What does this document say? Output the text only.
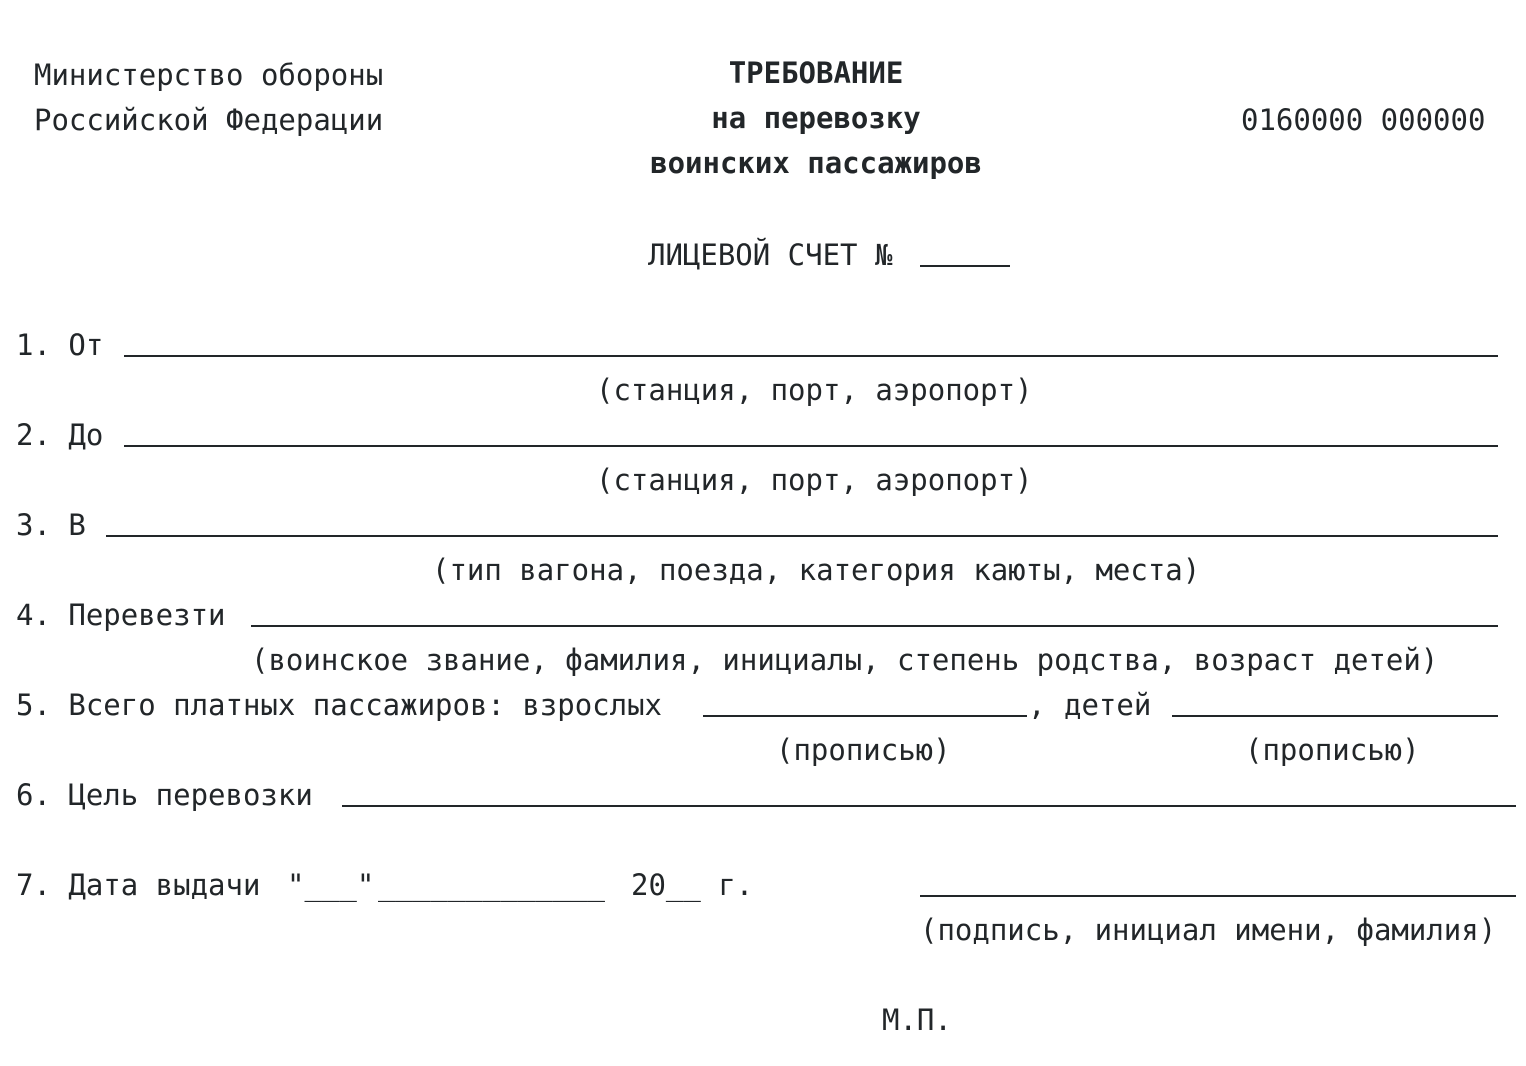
Министерство обороны
Российской Федерации
ТРЕБОВАНИЕ
на перевозку
воинских пассажиров
0160000 000000
ЛИЦЕВОЙ СЧЕТ №
1. От
(станция, порт, аэропорт)
2. До
(станция, порт, аэропорт)
3. В
(тип вагона, поезда, категория каюты, места)
4. Перевезти
(воинское звание, фамилия, инициалы, степень родства, возраст детей)
5. Всего платных пассажиров: взрослых	, детей
(прописью)	(прописью)
6. Цель перевозки
7. Дата выдачи "___" _____________ 20__ г.
(подпись, инициал имени, фамилия)
М.П.
